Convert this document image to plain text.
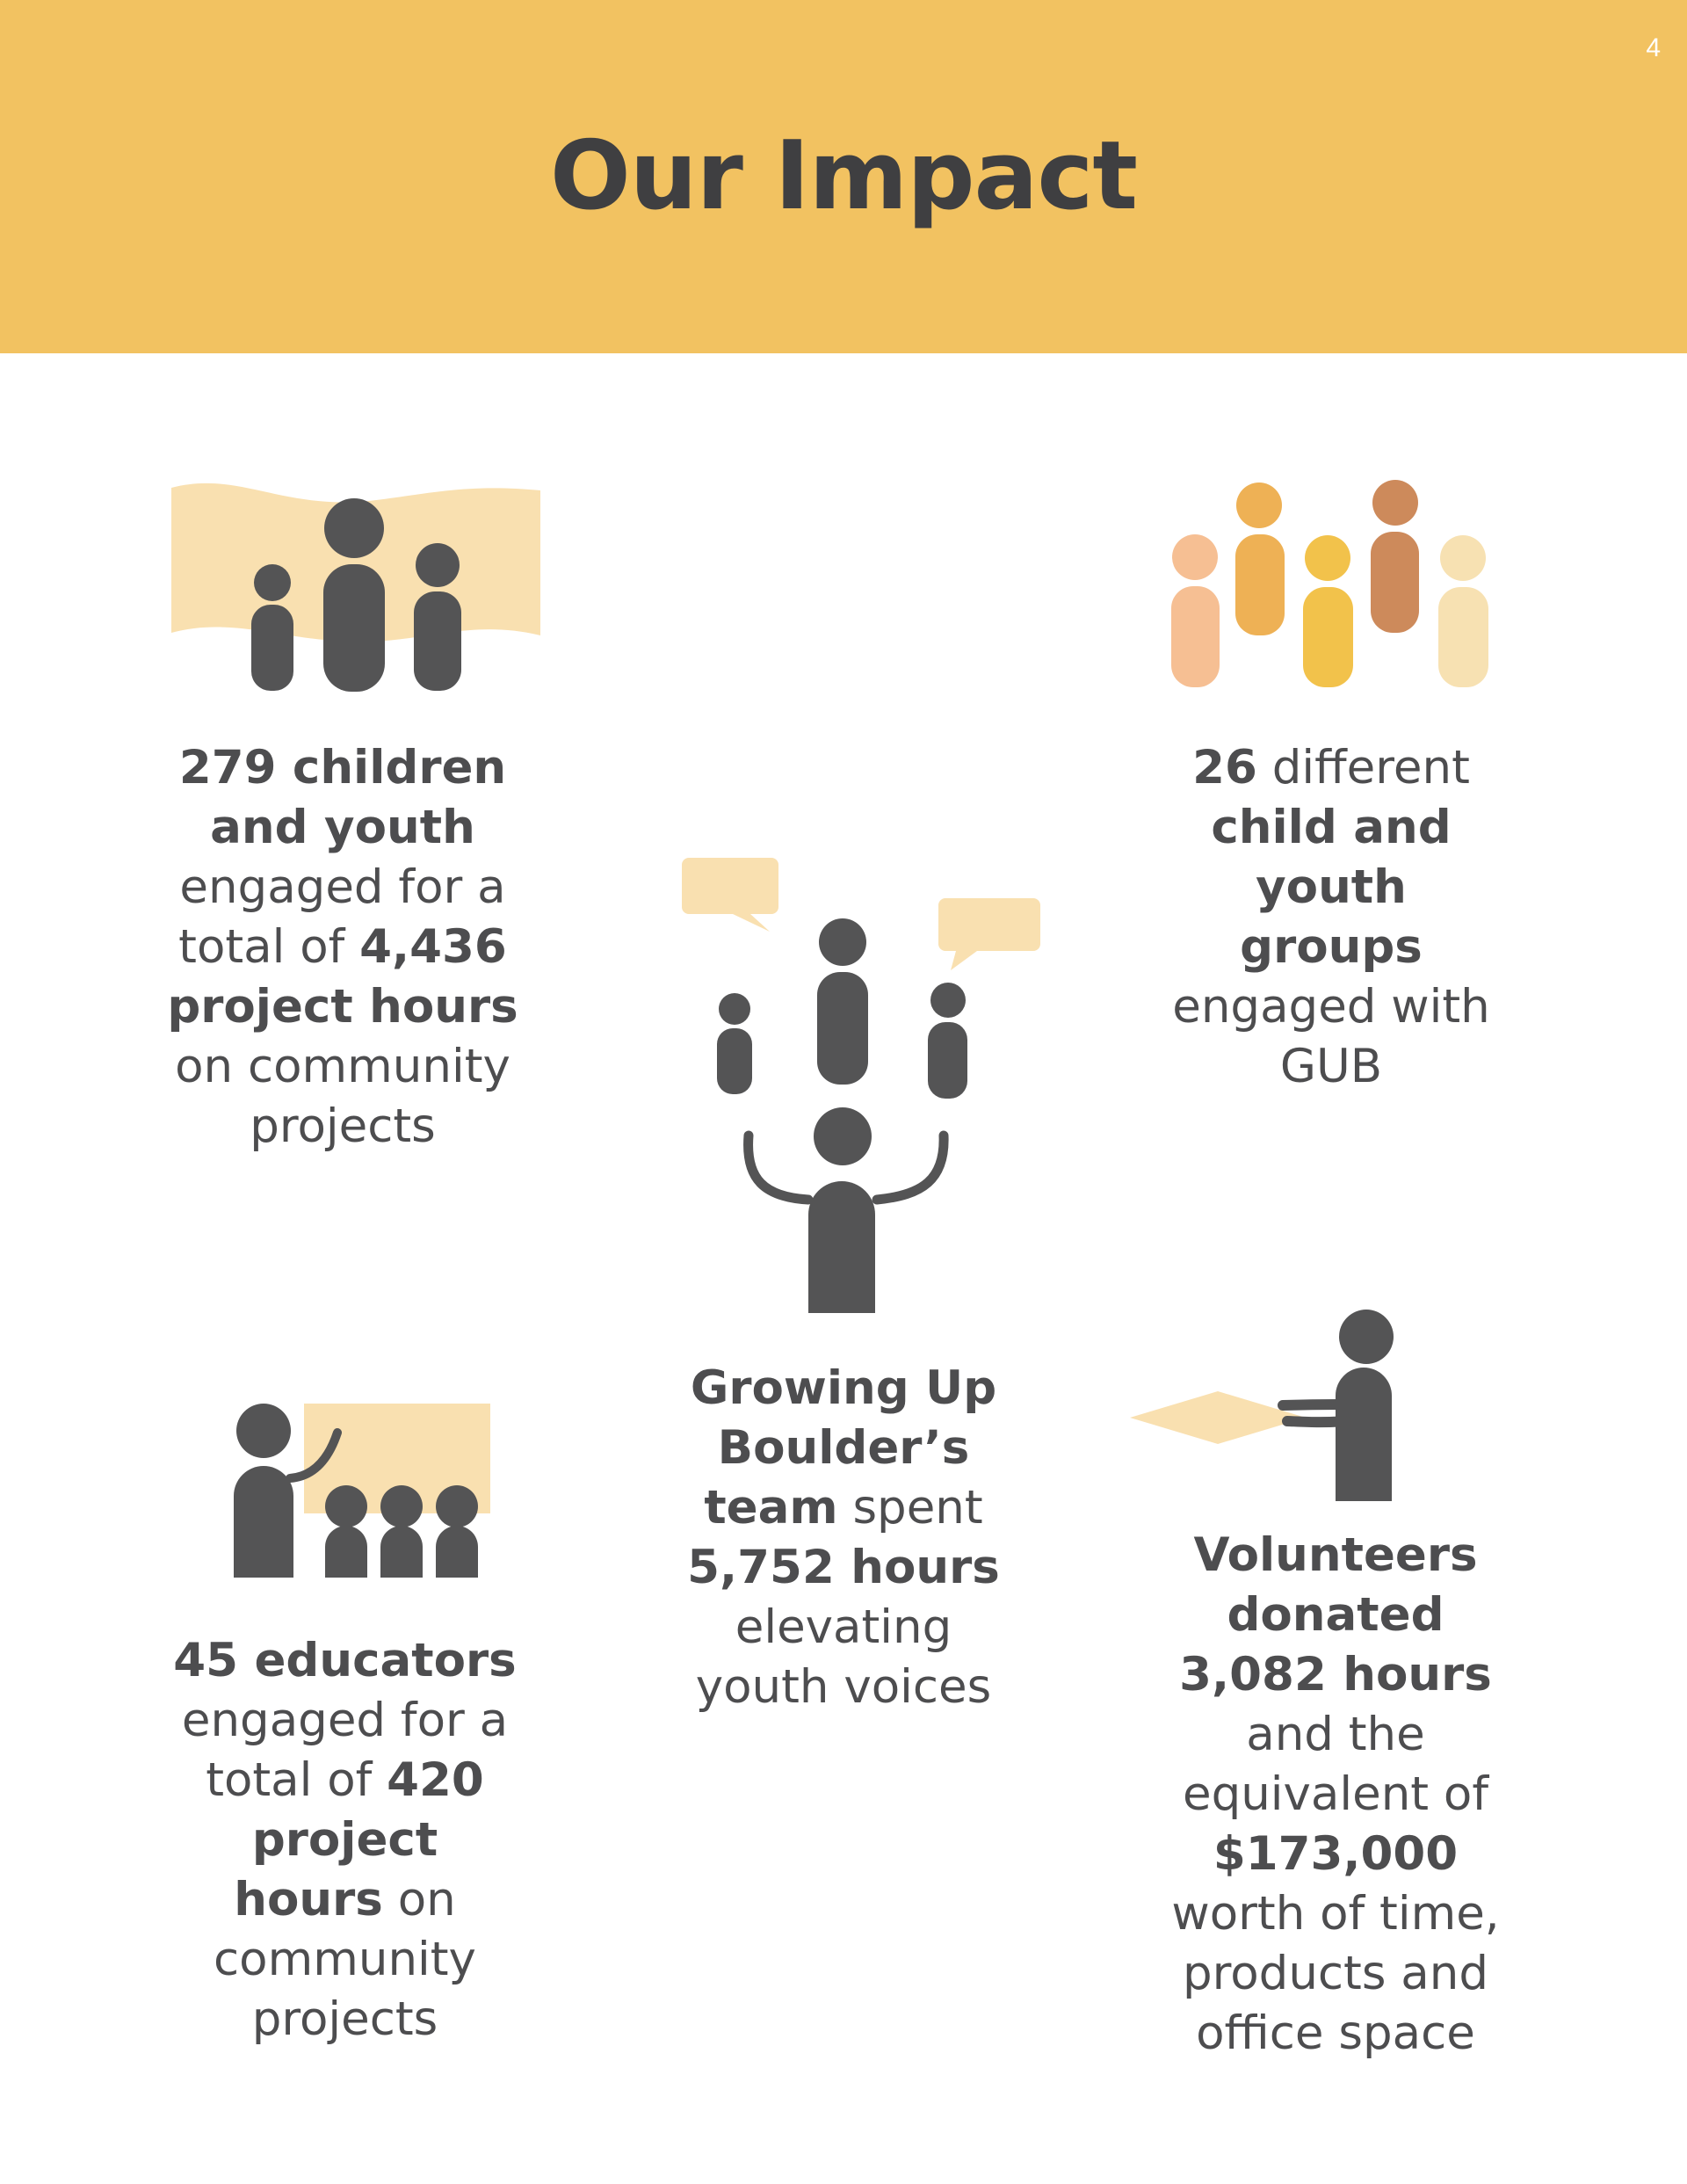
4
Our Impact
279 children and youth engaged for a total of 4,436 project hours on community projects
26 different child and youth groups engaged with GUB
Growing Up Boulder’s team spent 5,752 hours elevating youth voices
45 educators engaged for a total of 420 project hours on community projects
Volunteers donated 3,082 hours and the equivalent of $173,000 worth of time, products and office space
